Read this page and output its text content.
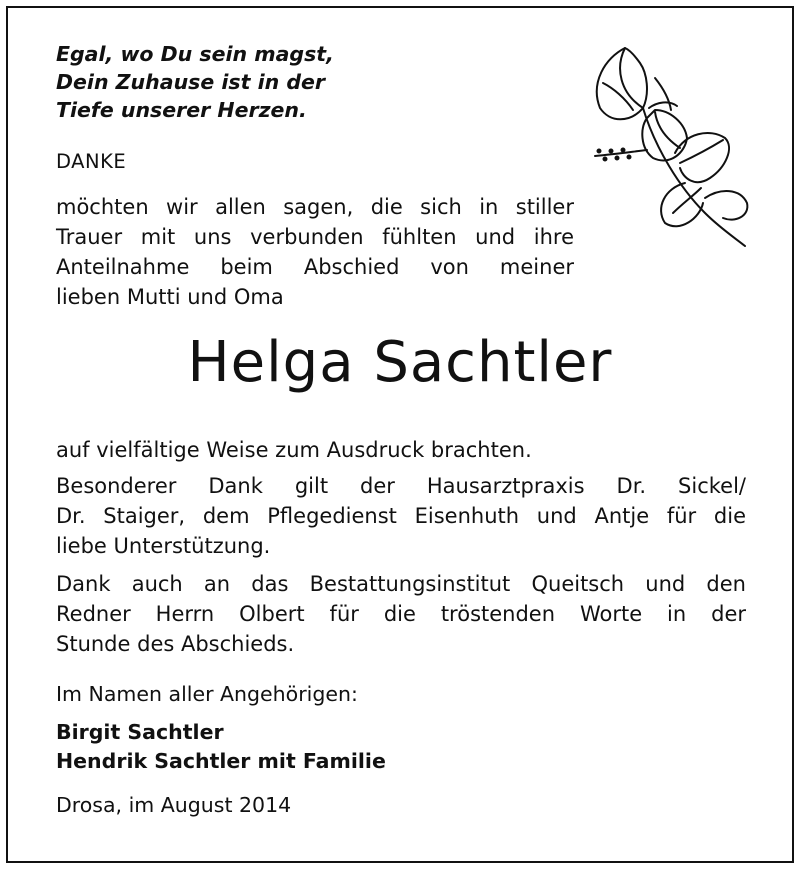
Egal, wo Du sein magst,
Dein Zuhause ist in der
Tiefe unserer Herzen.
DANKE
möchten wir allen sagen, die sich in stiller
Trauer mit uns verbunden fühlten und ihre
Anteilnahme beim Abschied von meiner
lieben Mutti und Oma
Helga Sachtler
auf vielfältige Weise zum Ausdruck brachten.
Besonderer Dank gilt der Hausarztpraxis Dr. Sickel/
Dr. Staiger, dem Pflegedienst Eisenhuth und Antje für die
liebe Unterstützung.
Dank auch an das Bestattungsinstitut Queitsch und den
Redner Herrn Olbert für die tröstenden Worte in der
Stunde des Abschieds.
Im Namen aller Angehörigen:
Birgit Sachtler
Hendrik Sachtler mit Familie
Drosa, im August 2014
